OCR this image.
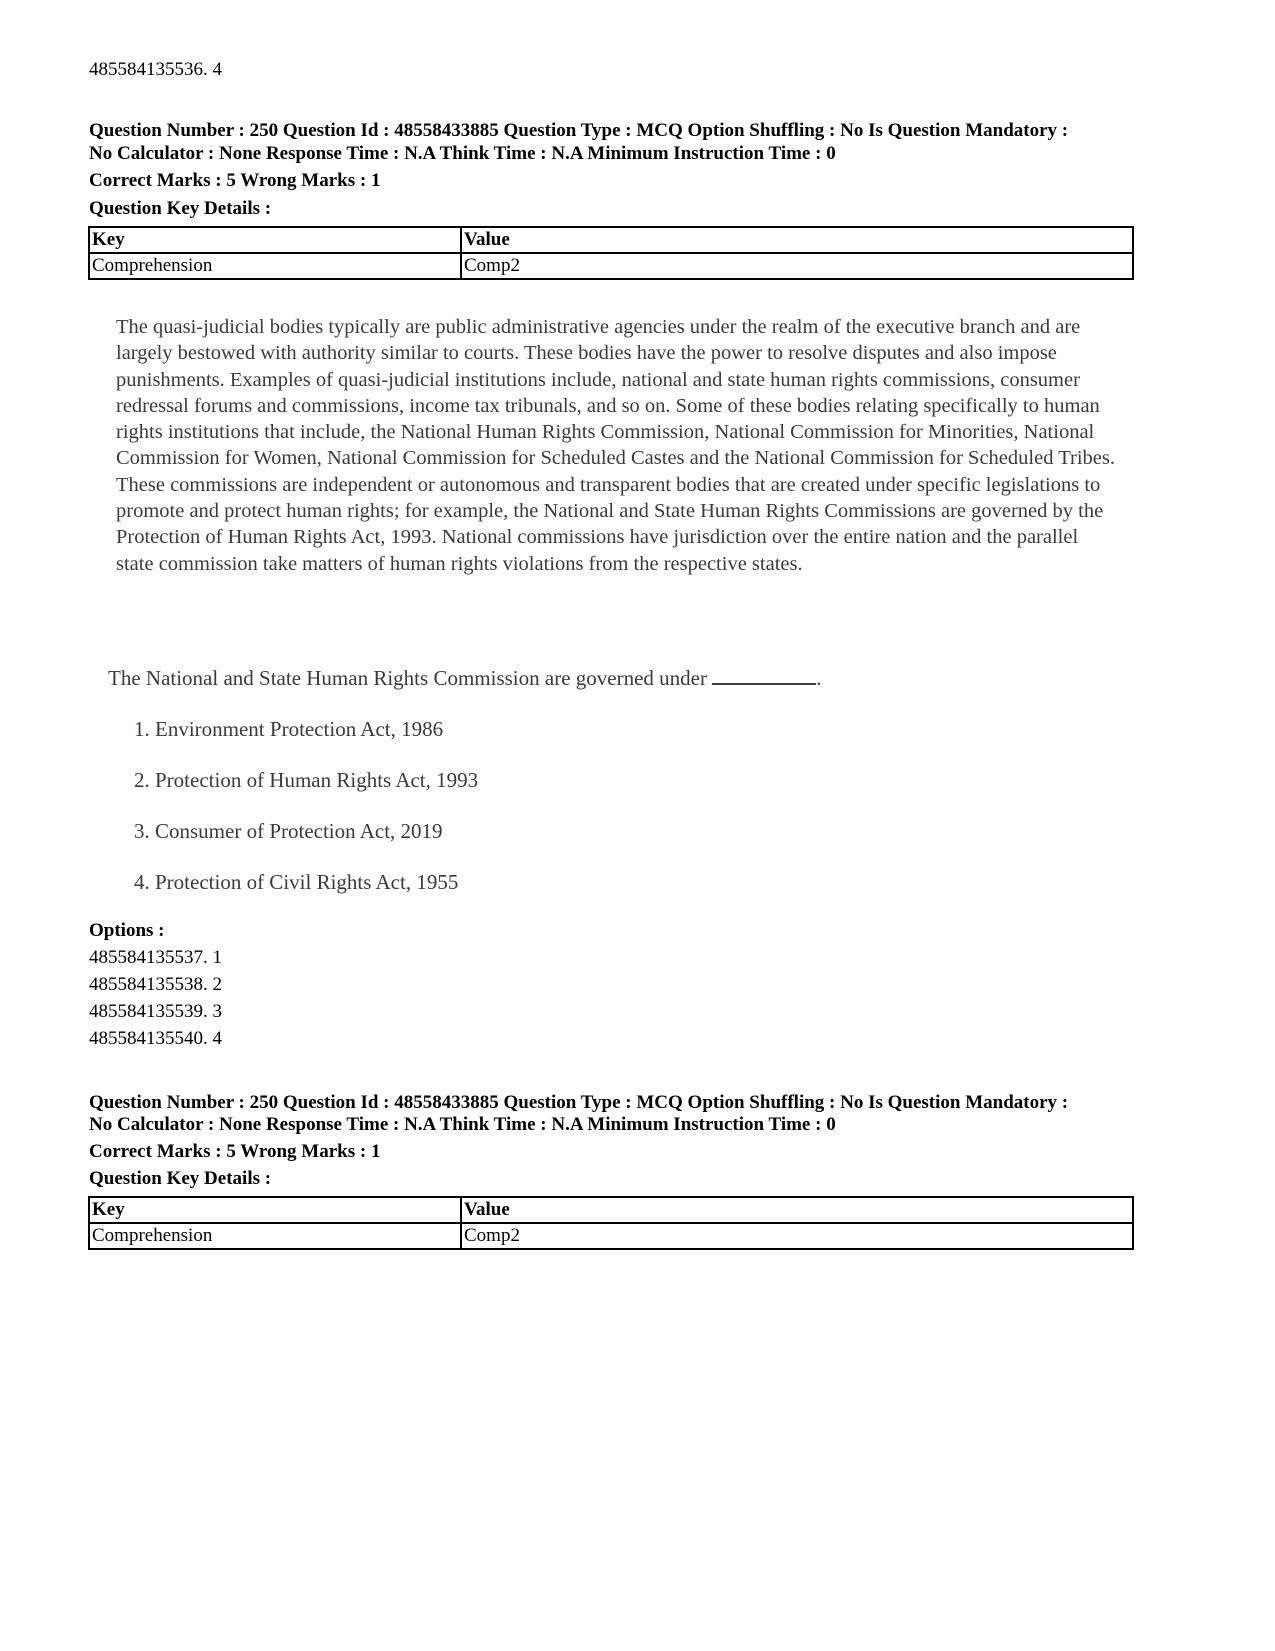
485584135536. 4
Question Number : 250 Question Id : 48558433885 Question Type : MCQ Option Shuffling : No Is Question Mandatory :
No Calculator : None Response Time : N.A Think Time : N.A Minimum Instruction Time : 0
Correct Marks : 5 Wrong Marks : 1
Question Key Details :
Key	Value
Comprehension	Comp2
The quasi-judicial bodies typically are public administrative agencies under the realm of the executive branch and are largely bestowed with authority similar to courts. These bodies have the power to resolve disputes and also impose punishments. Examples of quasi-judicial institutions include, national and state human rights commissions, consumer redressal forums and commissions, income tax tribunals, and so on. Some of these bodies relating specifically to human rights institutions that include, the National Human Rights Commission, National Commission for Minorities, National Commission for Women, National Commission for Scheduled Castes and the National Commission for Scheduled Tribes. These commissions are independent or autonomous and transparent bodies that are created under specific legislations to promote and protect human rights; for example, the National and State Human Rights Commissions are governed by the Protection of Human Rights Act, 1993. National commissions have jurisdiction over the entire nation and the parallel state commission take matters of human rights violations from the respective states.
The National and State Human Rights Commission are governed under	.
1. Environment Protection Act, 1986
2. Protection of Human Rights Act, 1993
3. Consumer of Protection Act, 2019
4. Protection of Civil Rights Act, 1955
Options :
485584135537. 1
485584135538. 2
485584135539. 3
485584135540. 4
Question Number : 250 Question Id : 48558433885 Question Type : MCQ Option Shuffling : No Is Question Mandatory :
No Calculator : None Response Time : N.A Think Time : N.A Minimum Instruction Time : 0
Correct Marks : 5 Wrong Marks : 1
Question Key Details :
Key	Value
Comprehension	Comp2
